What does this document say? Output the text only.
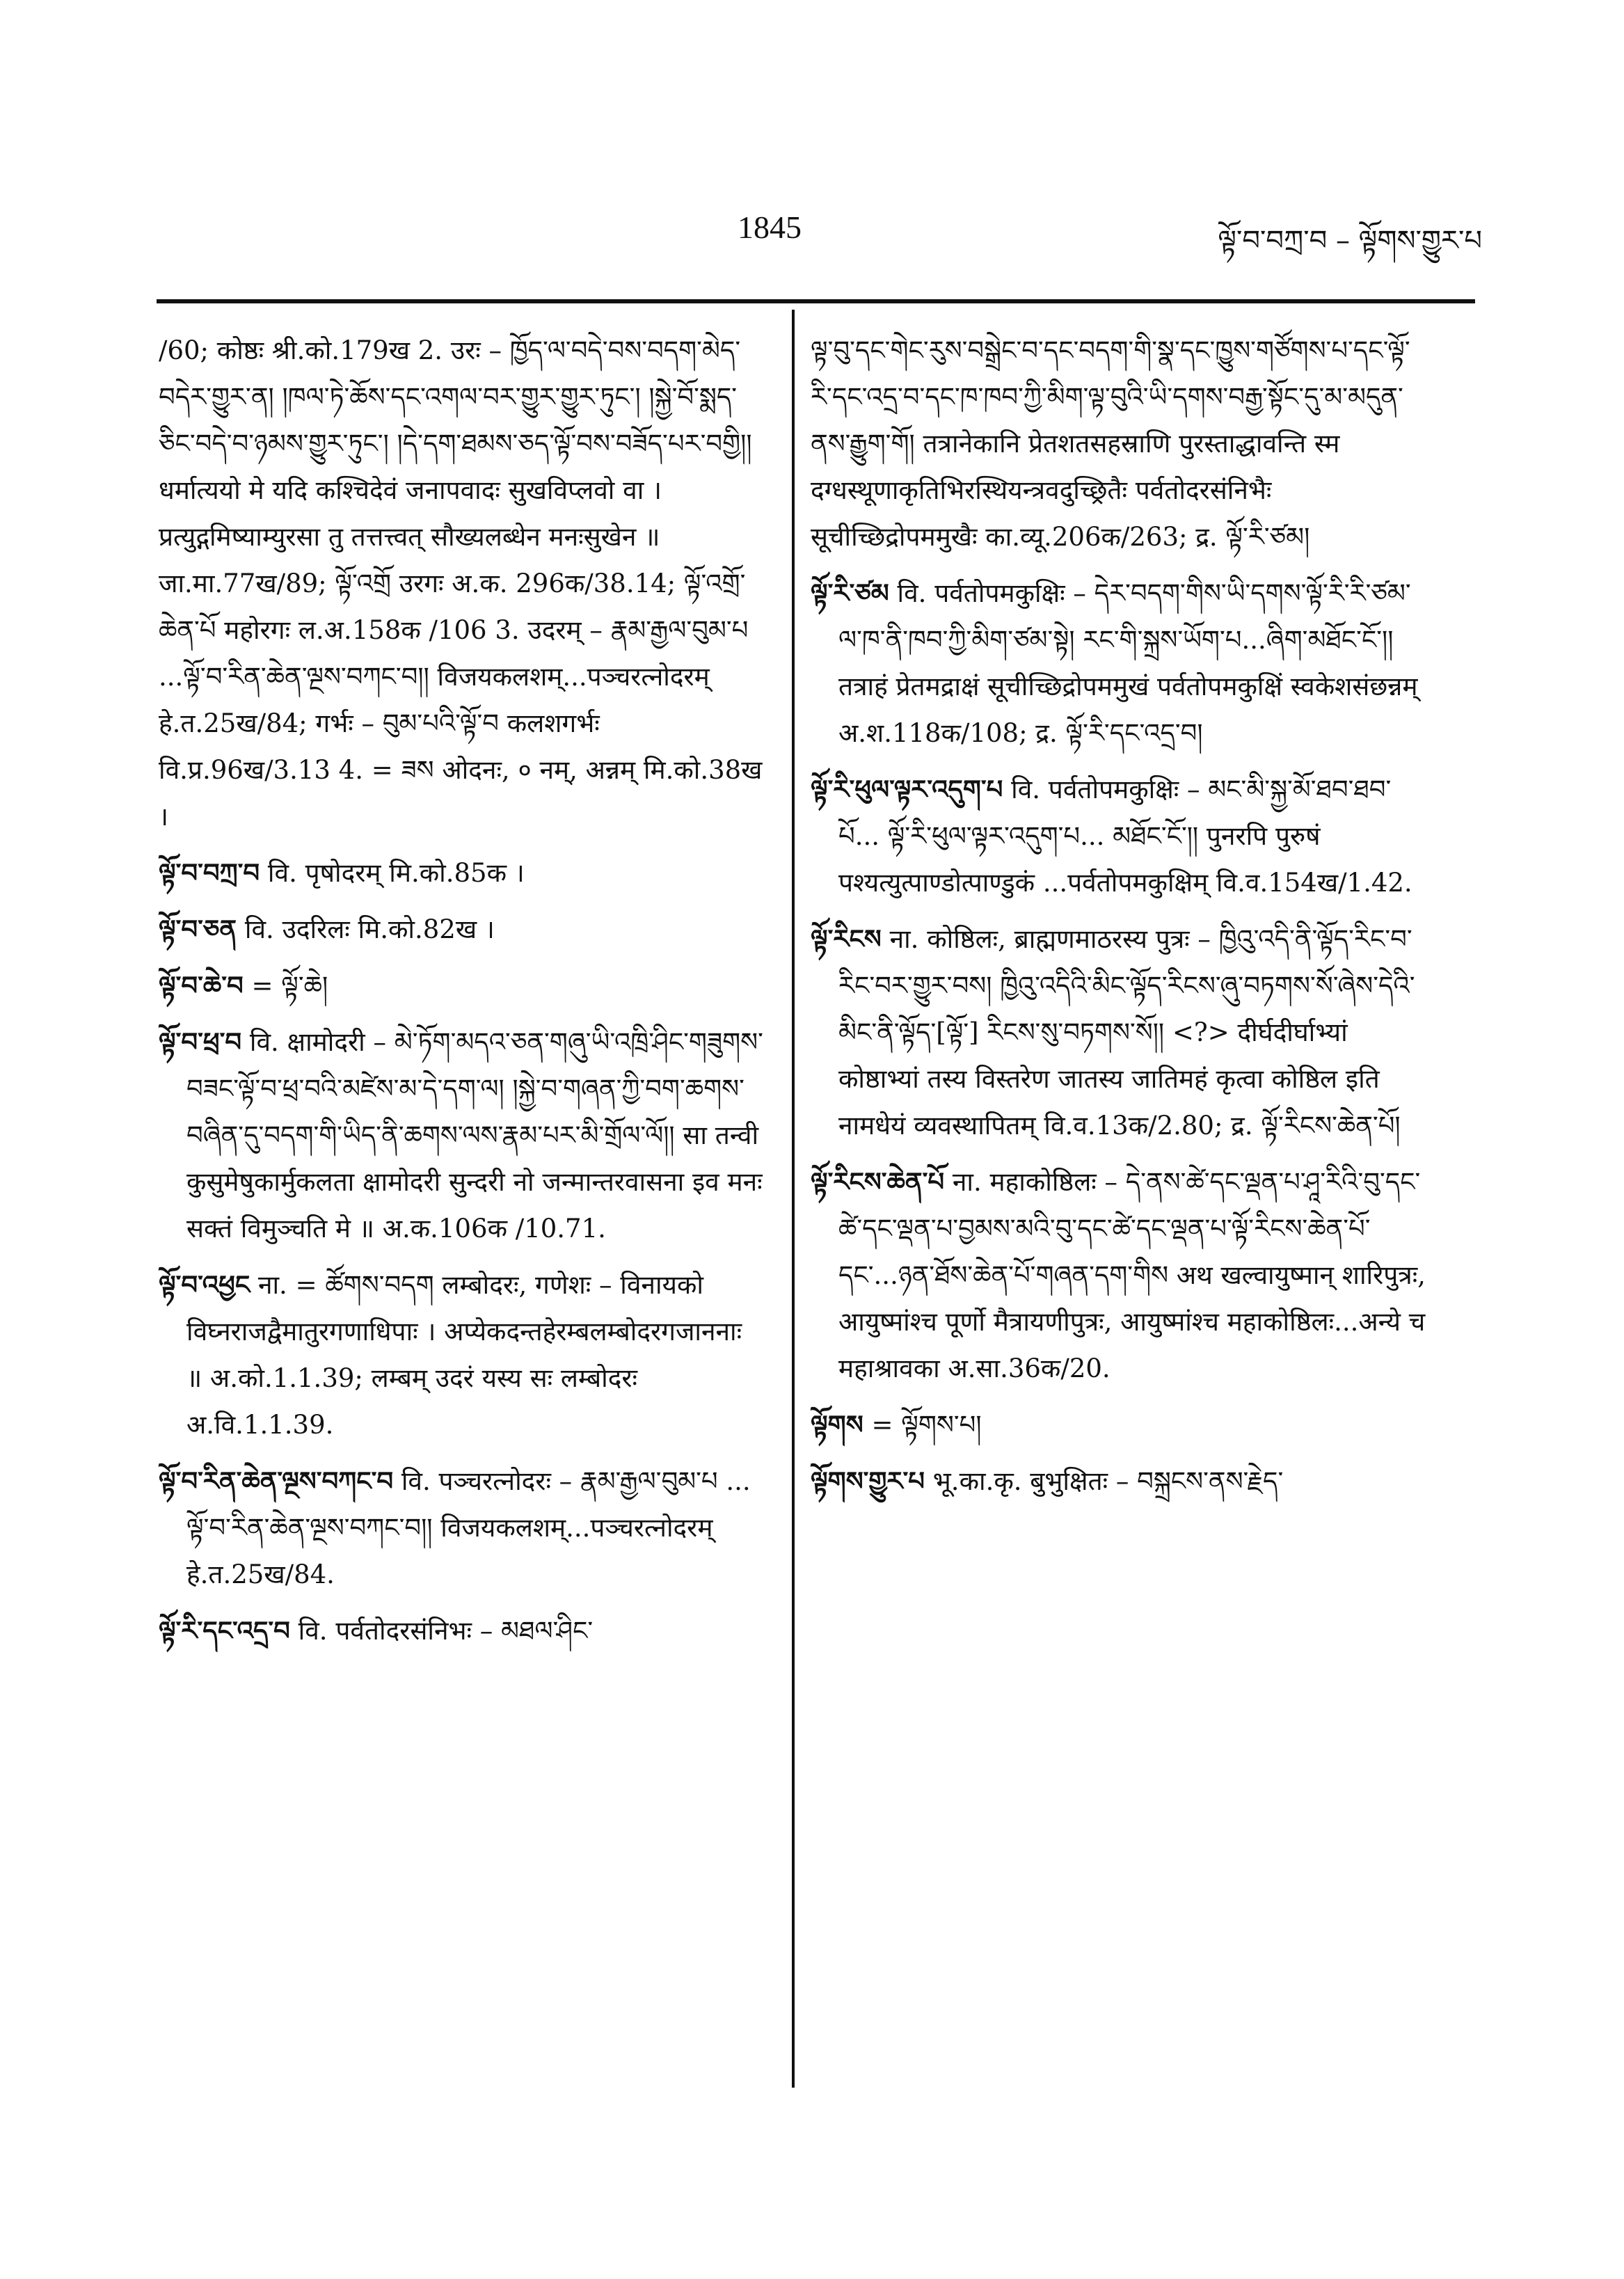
1845	ལྟོ་བ་བཀྲ་བ – ལྟོགས་གྱུར་པ

/60; कोष्ठः श्री.को.179ख 2. उरः – ཁྱོད་ལ་བདེ་བས་བདག་མེད་བདེར་གྱུར་ན། །ཁལ་ཏེ་ཆོས་དང་འགལ་བར་གྱུར་གྱུར་ཏུང་། །སྐྱེ་བོ་སྨད་ཅིང་བདེ་བ་ཉམས་གྱུར་ཏུང་། །དེ་དག་ཐམས་ཅད་ལྟོ་བས་བཟོད་པར་བགྱི།། धर्मात्ययो मे यदि कश्चिदेवं जनापवादः सुखविप्लवो वा । प्रत्युद्गमिष्याम्युरसा तु तत्तत्त्वत् सौख्यलब्धेन मनःसुखेन ॥ जा.मा.77ख/89; ལྟོ་འགྲོ उरगः अ.क. 296क/38.14; ལྟོ་འགྲོ་ཆེན་པོ महोरगः ल.अ.158क /106 3. उदरम् – རྣམ་རྒྱལ་བུམ་པ ...ལྟོ་བ་རིན་ཆེན་ལྔས་བཀང་བ།། विजयकलशम्...पञ्चरत्नोदरम् हे.त.25ख/84; गर्भः – བུམ་པའི་ལྟོ་བ कलशगर्भः वि.प्र.96ख/3.13 4. = ཟས ओदनः, ० नम्, अन्नम् मि.को.38ख ।

ལྟོ་བ་བཀྲ་བ वि. पृषोदरम् मि.को.85क ।

ལྟོ་བ་ཅན वि. उदरिलः मि.को.82ख ।

ལྟོ་བ་ཆེ་བ = ལྟོ་ཆེ།

ལྟོ་བ་ཕྲ་བ वि. क्षामोदरी – མེ་ཏོག་མདའ་ཅན་གཞུ་ཡི་འཁྲི་ཤིང་གཟུགས་བཟང་ལྟོ་བ་ཕྲ་བའི་མཛེས་མ་དེ་དག་ལ། །སྐྱེ་བ་གཞན་ཀྱི་བག་ཆགས་བཞིན་དུ་བདག་གི་ཡིད་ནི་ཆགས་ལས་རྣམ་པར་མི་གྲོལ་ལོ།། सा तन्वी कुसुमेषुकार्मुकलता क्षामोदरी सुन्दरी नो जन्मान्तरवासना इव मनः सक्तं विमुञ्चति मे ॥ अ.क.106क /10.71.

ལྟོ་བ་འཕྱང ना. = ཚོགས་བདག लम्बोदरः, गणेशः – विनायको विघ्नराजद्वैमातुरगणाधिपाः । अप्येकदन्तहेरम्बलम्बोदरगजाननाः ॥ अ.को.1.1.39; लम्बम् उदरं यस्य सः लम्बोदरः अ.वि.1.1.39.

ལྟོ་བ་རིན་ཆེན་ལྔས་བཀང་བ वि. पञ्चरत्नोदरः – རྣམ་རྒྱལ་བུམ་པ ... ལྟོ་བ་རིན་ཆེན་ལྔས་བཀང་བ།། विजयकलशम्...पञ्चरत्नोदरम् हे.त.25ख/84.

ལྟོ་རི་དང་འདྲ་བ वि. पर्वतोदरसंनिभः – མཐལ་ཤིང་

ལྟ་བུ་དང་གེང་རུས་བསྒྲེང་བ་དང་བདག་གི་སྣ་དང་ཁྱུས་གཙོགས་པ་དང་ལྟོ་རི་དང་འདྲ་བ་དང་ཁ་ཁབ་ཀྱི་མིག་ལྟ་བུའི་ཡི་དགས་བརྒྱ་སྟོང་དུ་མ་མདུན་ནས་རྒྱུག་གོ། तत्रानेकानि प्रेतशतसहस्राणि पुरस्ताद्धावन्ति स्म दग्धस्थूणाकृतिभिरस्थियन्त्रवदुच्छ्रितैः पर्वतोदरसंनिभैः सूचीच्छिद्रोपममुखैः का.व्यू.206क/263; द्र. ལྟོ་རི་ཙམ།

ལྟོ་རི་ཙམ वि. पर्वतोपमकुक्षिः – དེར་བདག་གིས་ཡི་དགས་ལྟོ་རི་རི་ཙམ་ལ་ཁ་ནི་ཁབ་ཀྱི་མིག་ཙམ་སྟེ། རང་གི་སྐྲས་ཡོག་པ...ཞིག་མཐོང་ངོ་།། तत्राहं प्रेतमद्राक्षं सूचीच्छिद्रोपममुखं पर्वतोपमकुक्षिं स्वकेशसंछन्नम् अ.श.118क/108; द्र. ལྟོ་རི་དང་འདྲ་བ།

ལྟོ་རི་ཕུལ་ལྟར་འདུག་པ वि. पर्वतोपमकुक्षिः – མང་མི་སྐྱ་མོ་ཐབ་ཐབ་པོ... ལྟོ་རི་ཕུལ་ལྟར་འདུག་པ... མཐོང་ངོ་།། पुनरपि पुरुषं पश्यत्युत्पाण्डोत्पाण्डुकं ...पर्वतोपमकुक्षिम् वि.व.154ख/1.42.

ལྟོ་རིངས ना. कोष्ठिलः, ब्राह्मणमाठरस्य पुत्रः – ཁྱིའུ་འདི་ནི་ལྟོད་རིང་བ་རིང་བར་གྱུར་བས། ཁྱིའུ་འདིའི་མིང་ལྟོད་རིངས་ཞུ་བཏགས་སོ་ཞེས་དེའི་མིང་ནི་ལྟོད་[ལྟོ་] རིངས་སུ་བཏགས་སོ།། <?> दीर्घदीर्घाभ्यां कोष्ठाभ्यां तस्य विस्तरेण जातस्य जातिमहं कृत्वा कोष्ठिल इति नामधेयं व्यवस्थापितम् वि.व.13क/2.80; द्र. ལྟོ་རིངས་ཆེན་པོ།

ལྟོ་རིངས་ཆེན་པོ ना. महाकोष्ठिलः – དེ་ནས་ཚེ་དང་ལྡན་པ་ཤཱ་རིའི་བུ་དང་ཚེ་དང་ལྡན་པ་བྱམས་མའི་བུ་དང་ཚེ་དང་ལྡན་པ་ལྟོ་རིངས་ཆེན་པོ་དང་...ཉན་ཐོས་ཆེན་པོ་གཞན་དག་གིས अथ खल्वायुष्मान् शारिपुत्रः, आयुष्मांश्च पूर्णो मैत्रायणीपुत्रः, आयुष्मांश्च महाकोष्ठिलः...अन्ये च महाश्रावका अ.सा.36क/20.

ལྟོགས = ལྟོགས་པ།

ལྟོགས་གྱུར་པ भू.का.कृ. बुभुक्षितः – བསྐྲངས་ནས་རྗེད་
